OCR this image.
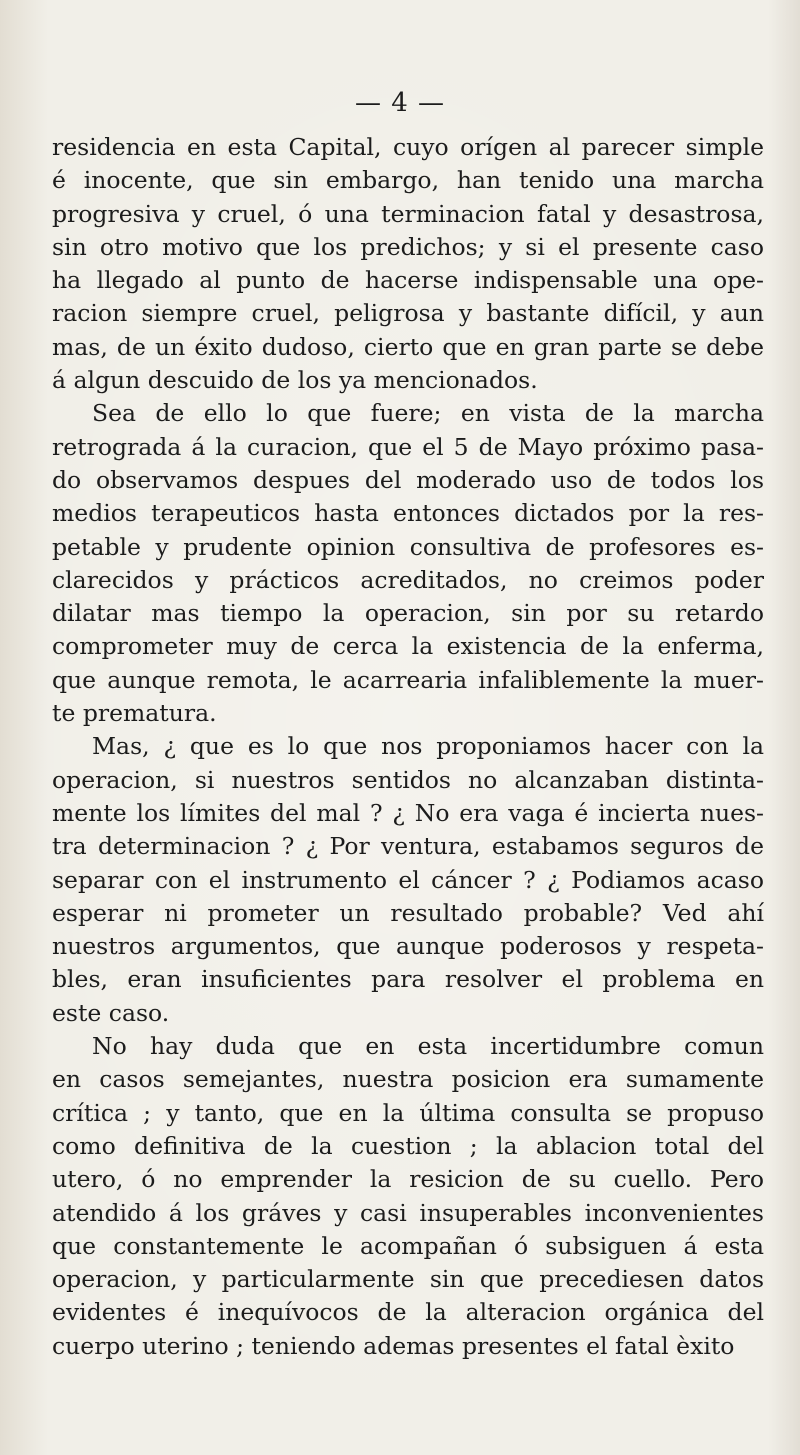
— 4 —
residencia en esta Capital, cuyo orígen al parecer simple
é inocente, que sin embargo, han tenido una marcha
progresiva y cruel, ó una terminacion fatal y desastrosa,
sin otro motivo que los predichos; y si el presente caso
ha llegado al punto de hacerse indispensable una ope-
racion siempre cruel, peligrosa y bastante difícil, y aun
mas, de un éxito dudoso, cierto que en gran parte se debe
á algun descuido de los ya mencionados.
Sea de ello lo que fuere; en vista de la marcha
retrograda á la curacion, que el 5 de Mayo próximo pasa-
do observamos despues del moderado uso de todos los
medios terapeuticos hasta entonces dictados por la res-
petable y prudente opinion consultiva de profesores es-
clarecidos y prácticos acreditados, no creimos poder
dilatar mas tiempo la operacion, sin por su retardo
comprometer muy de cerca la existencia de la enferma,
que aunque remota, le acarrearia infaliblemente la muer-
te prematura.
Mas, ¿ que es lo que nos proponiamos hacer con la
operacion, si nuestros sentidos no alcanzaban distinta-
mente los límites del mal ? ¿ No era vaga é incierta nues-
tra determinacion ? ¿ Por ventura, estabamos seguros de
separar con el instrumento el cáncer ? ¿ Podiamos acaso
esperar ni prometer un resultado probable? Ved ahí
nuestros argumentos, que aunque poderosos y respeta-
bles, eran insuficientes para resolver el problema en
este caso.
No hay duda que en esta incertidumbre comun
en casos semejantes, nuestra posicion era sumamente
crítica ; y tanto, que en la última consulta se propuso
como definitiva de la cuestion ; la ablacion total del
utero, ó no emprender la resicion de su cuello. Pero
atendido á los gráves y casi insuperables inconvenientes
que constantemente le acompañan ó subsiguen á esta
operacion, y particularmente sin que precediesen datos
evidentes é inequívocos de la alteracion orgánica del
cuerpo uterino ; teniendo ademas presentes el fatal èxito
